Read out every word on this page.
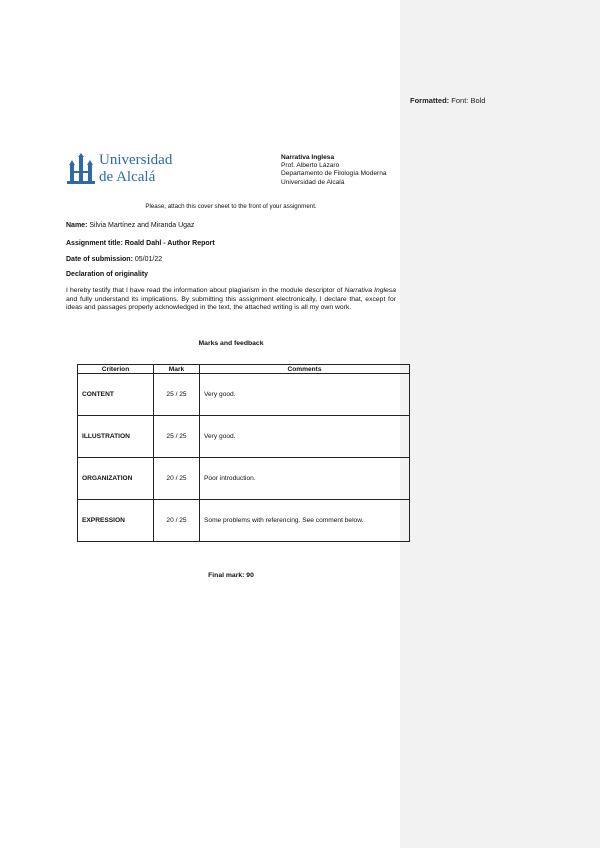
Formatted: Font: Bold
Universidad
de Alcalá
Narrativa Inglesa
Prof. Alberto Lázaro
Departamento de Filología Moderna
Universidad de Alcalá
Please, attach this cover sheet to the front of your assignment.
Name: Silvia Martínez and Miranda Ugaz
Assignment title: Roald Dahl - Author Report
Date of submission: 05/01/22
Declaration of originality
I hereby testify that I have read the information about plagiarism in the module descriptor of Narrativa Inglesa and fully understand its implications. By submitting this assignment electronically, I declare that, except for ideas and passages properly acknowledged in the text, the attached writing is all my own work.
Marks and feedback
Criterion	Mark	Comments
CONTENT	25 / 25	Very good.
ILLUSTRATION	25 / 25	Very good.
ORGANIZATION	20 / 25	Poor introduction.
EXPRESSION	20 / 25	Some problems with referencing. See comment below.
Final mark: 90
